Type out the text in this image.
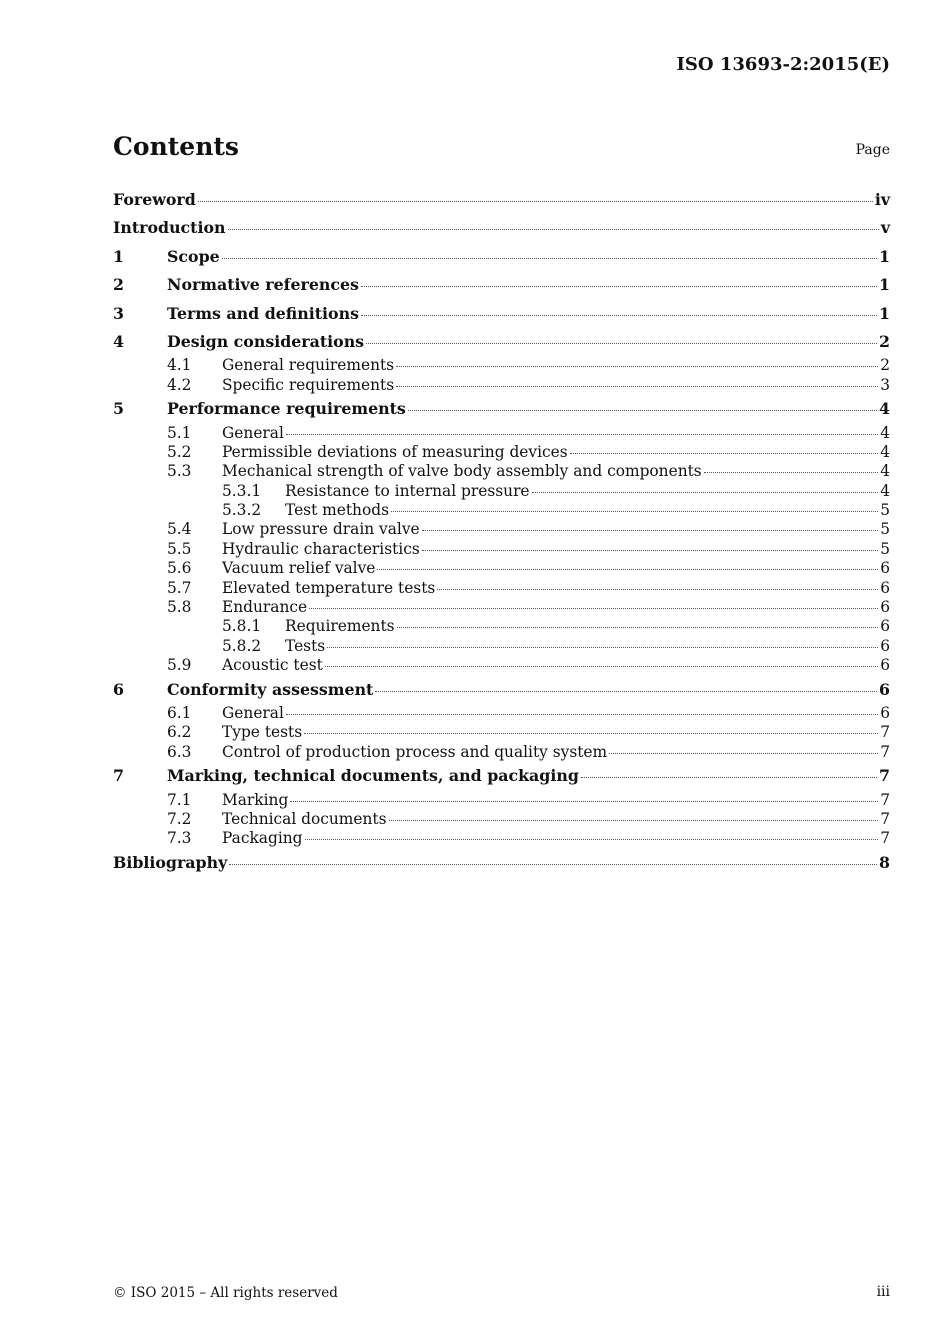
ISO 13693-2:2015(E)
Contents	Page
Foreword	iv
Introduction	v
1	Scope	1
2	Normative references	1
3	Terms and definitions	1
4	Design considerations	2
4.1	General requirements	2
4.2	Specific requirements	3
5	Performance requirements	4
5.1	General	4
5.2	Permissible deviations of measuring devices	4
5.3	Mechanical strength of valve body assembly and components	4
5.3.1	Resistance to internal pressure	4
5.3.2	Test methods	5
5.4	Low pressure drain valve	5
5.5	Hydraulic characteristics	5
5.6	Vacuum relief valve	6
5.7	Elevated temperature tests	6
5.8	Endurance	6
5.8.1	Requirements	6
5.8.2	Tests	6
5.9	Acoustic test	6
6	Conformity assessment	6
6.1	General	6
6.2	Type tests	7
6.3	Control of production process and quality system	7
7	Marking, technical documents, and packaging	7
7.1	Marking	7
7.2	Technical documents	7
7.3	Packaging	7
Bibliography	8
© ISO 2015 – All rights reserved	iii
